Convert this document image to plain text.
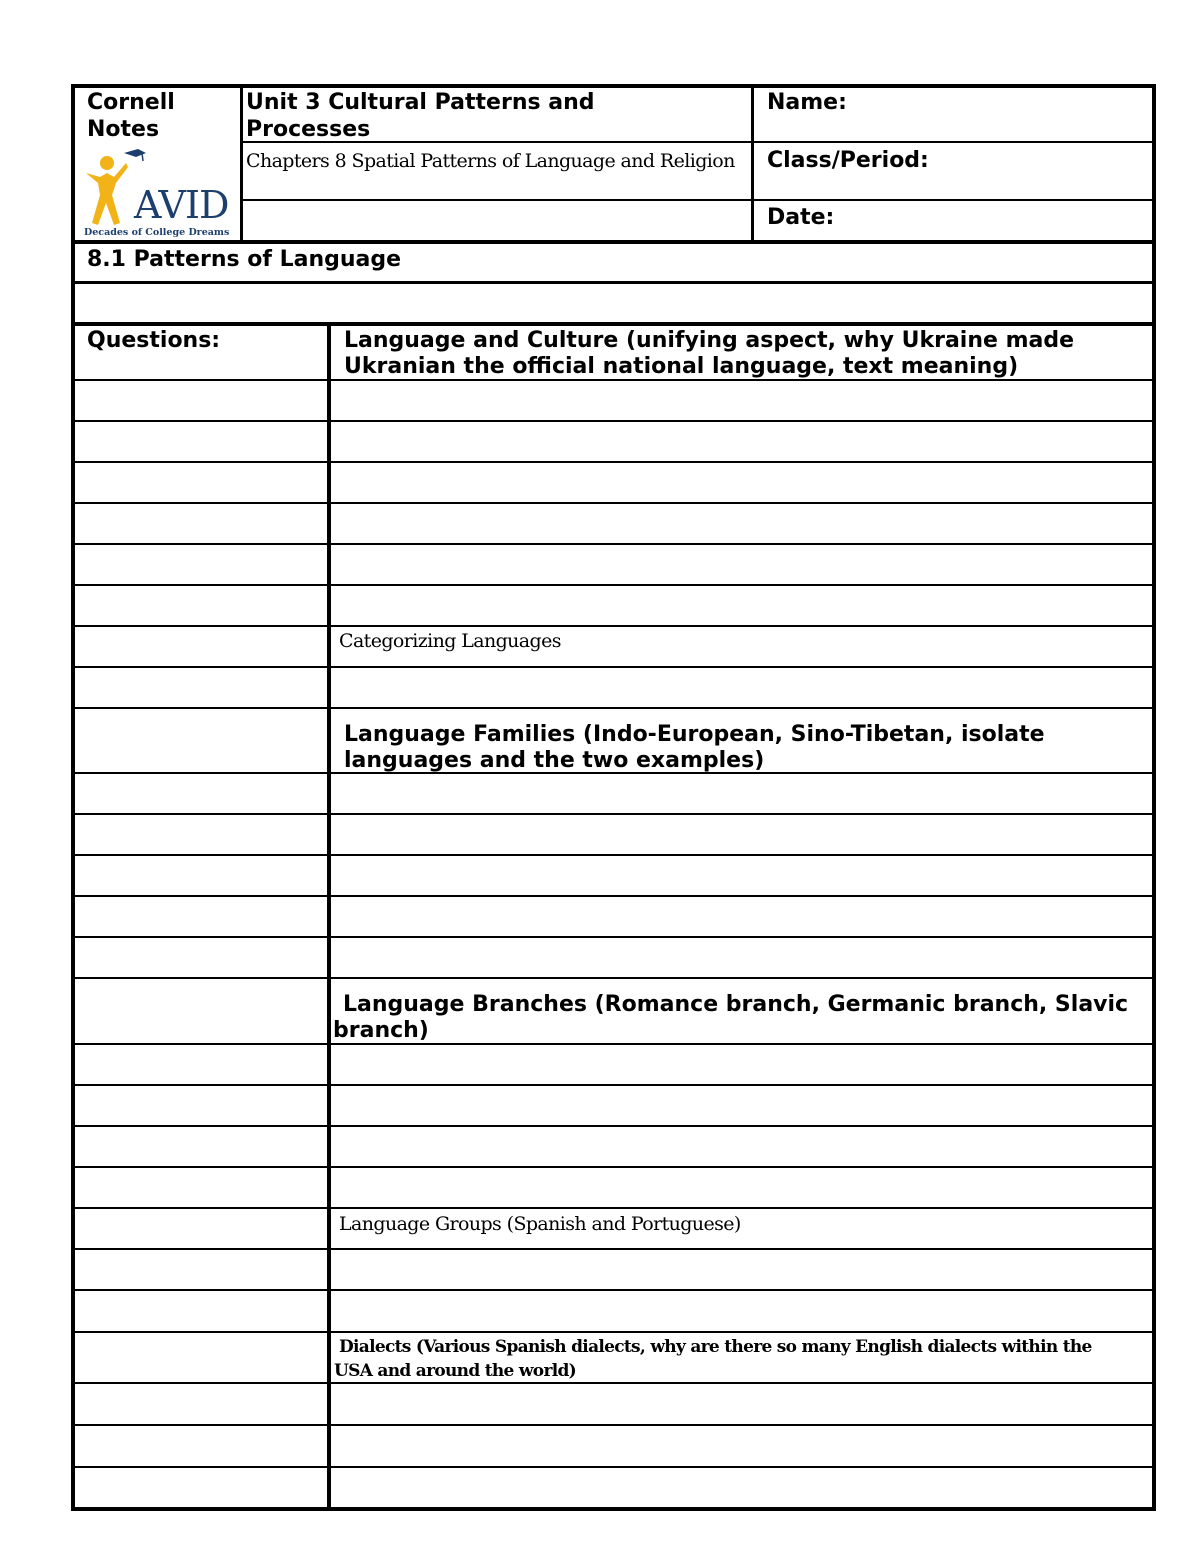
Cornell Notes
AVID
Decades of College Dreams
Unit 3 Cultural Patterns and Processes
Chapters 8 Spatial Patterns of Language and Religion
Name:
Class/Period:
Date:
8.1 Patterns of Language
Questions:	Language and Culture (unifying aspect, why Ukraine made Ukranian the official national language, text meaning)
Categorizing Languages
Language Families (Indo-European, Sino-Tibetan, isolate languages and the two examples)
Language Branches (Romance branch, Germanic branch, Slavic branch)
Language Groups (Spanish and Portuguese)
Dialects (Various Spanish dialects, why are there so many English dialects within the USA and around the world)
